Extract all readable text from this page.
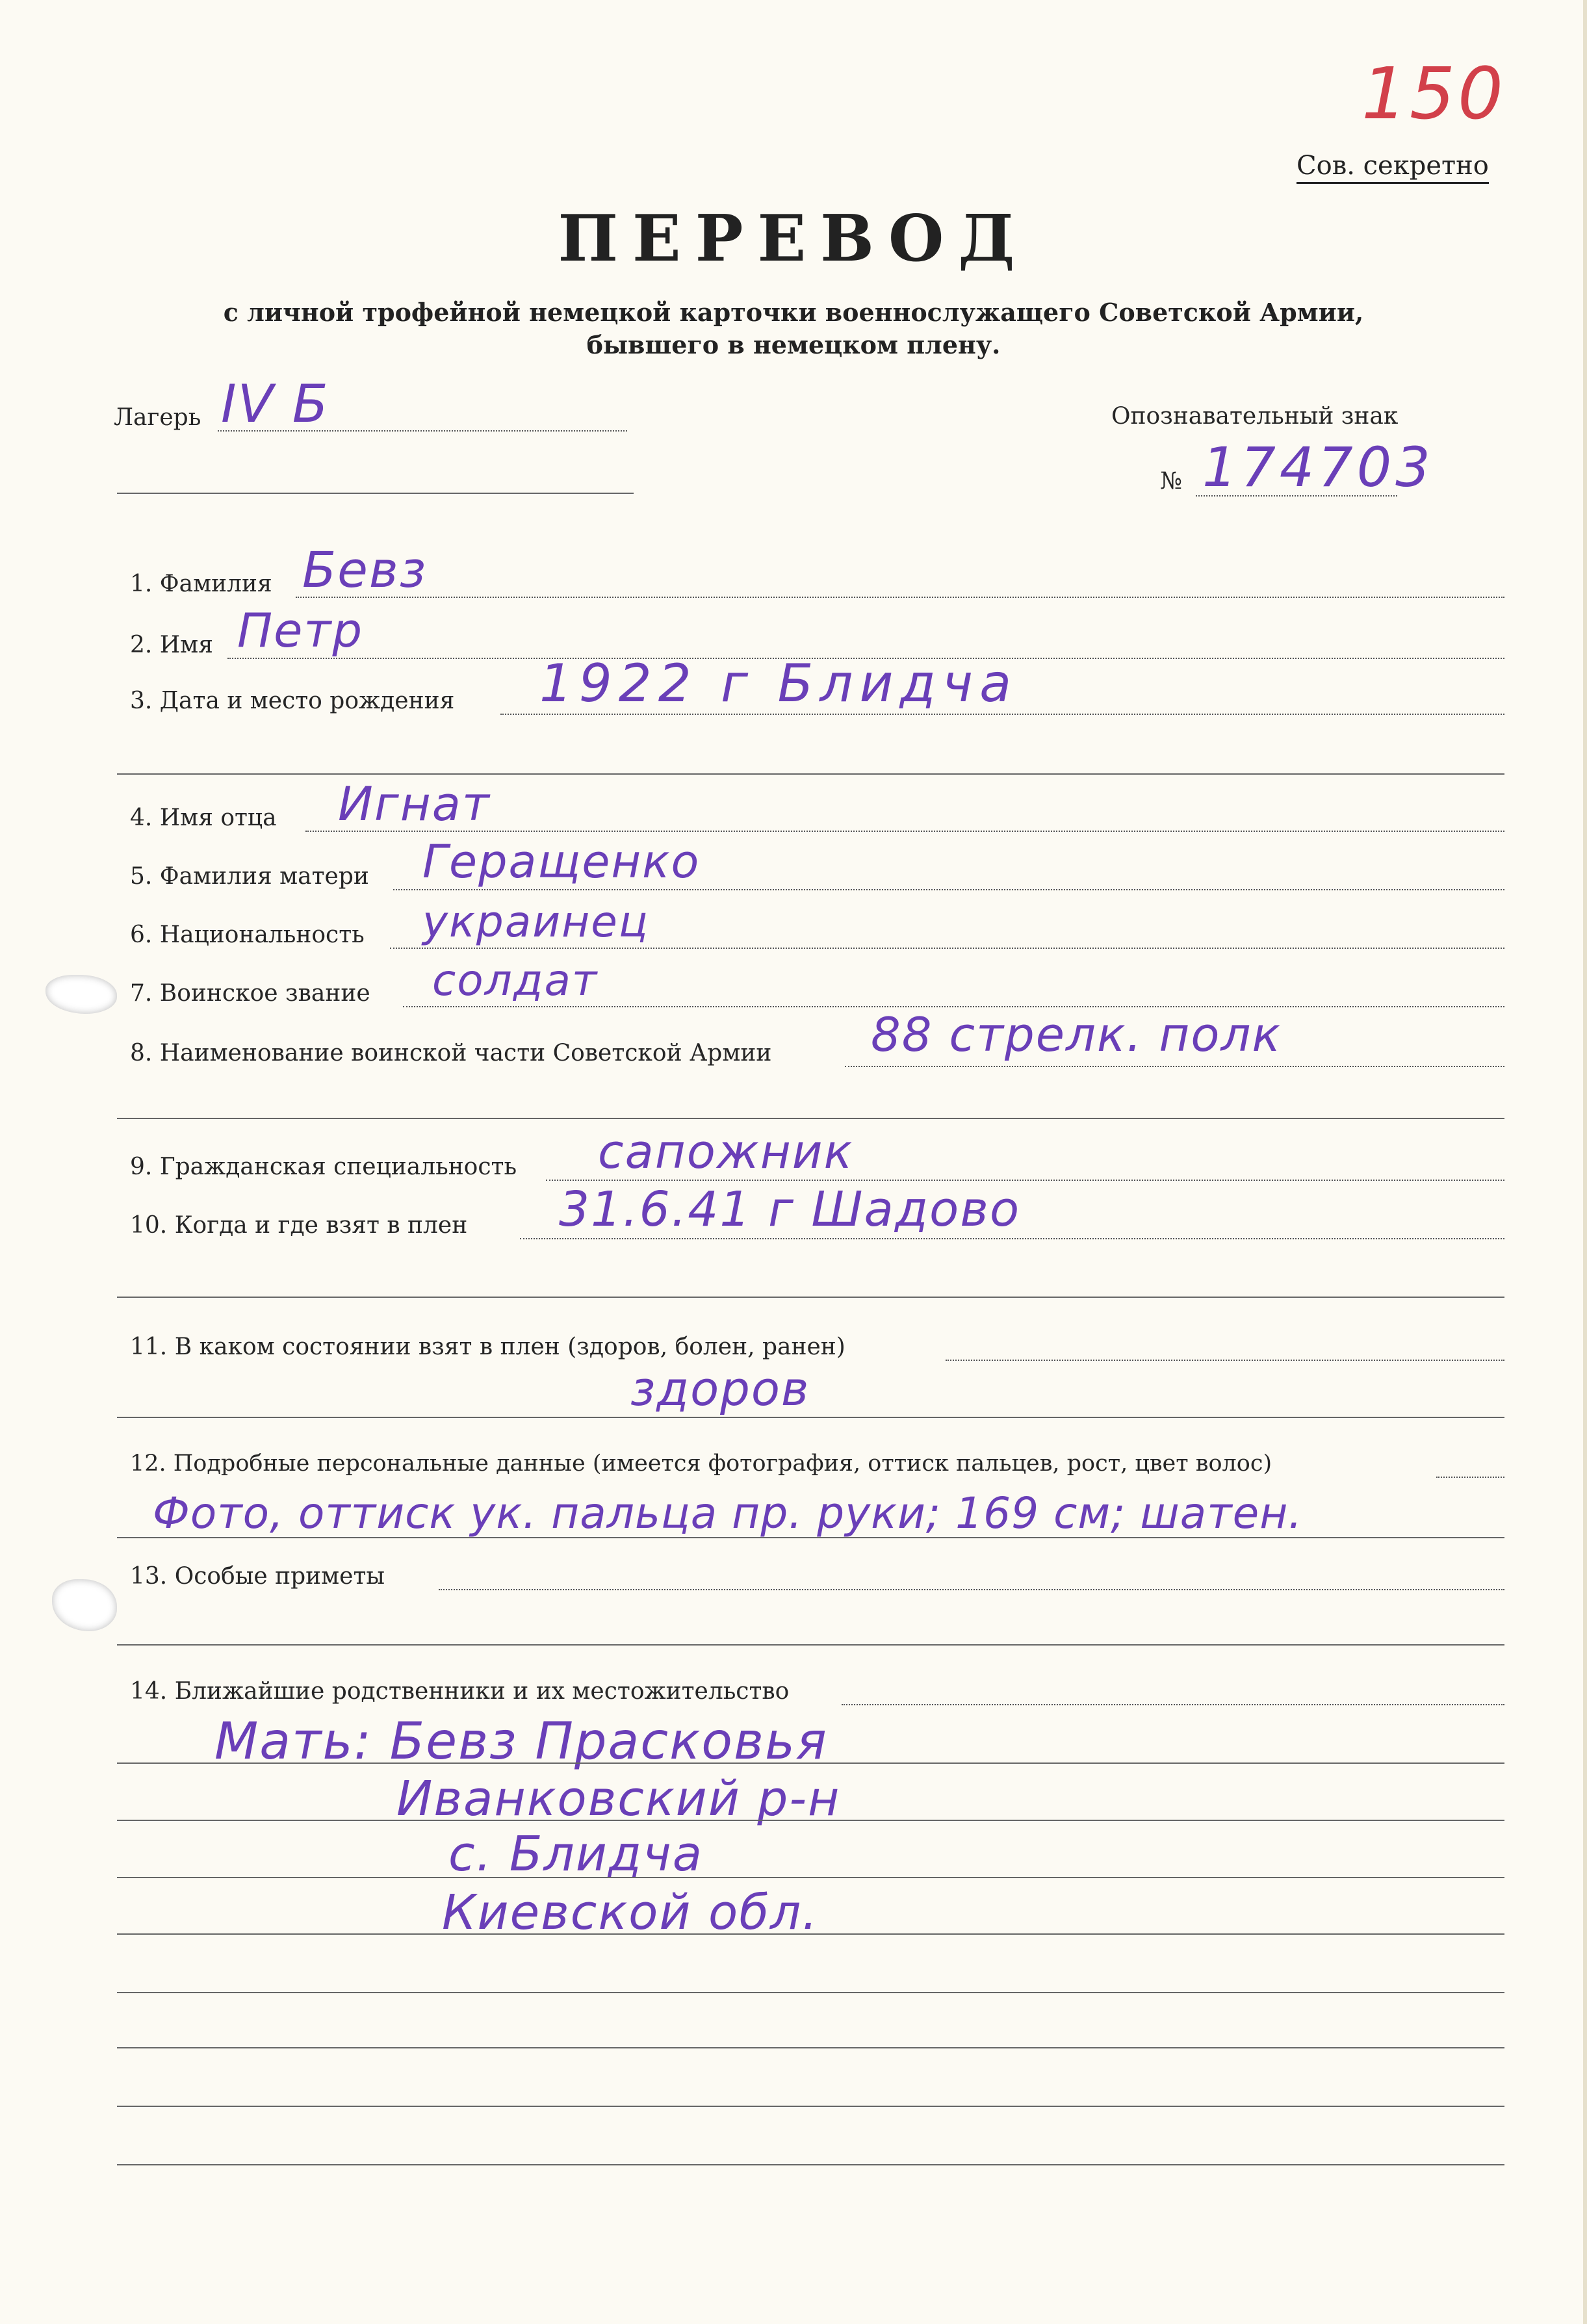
150
Сов. секретно
ПЕРЕВОД
с личной трофейной немецкой карточки военнослужащего Советской Армии,
бывшего в немецком плену.
Лагерь IV Б	Опознавательный знак
№ 174703
1. Фамилия Бевз
2. Имя Петр
3. Дата и место рождения 1922 г Блидча
4. Имя отца Игнат
5. Фамилия матери Геращенко
6. Национальность украинец
7. Воинское звание солдат
8. Наименование воинской части Советской Армии 88 стрелк. полк
9. Гражданская специальность сапожник
10. Когда и где взят в плен 31.6.41 г Шадово
11. В каком состоянии взят в плен (здоров, болен, ранен)
здоров
12. Подробные персональные данные (имеется фотография, оттиск пальцев, рост, цвет волос)
Фото, оттиск ук. пальца пр. руки; 169 см; шатен.
13. Особые приметы
14. Ближайшие родственники и их местожительство
Мать: Бевз Прасковья
Иванковский р-н
с. Блидча
Киевской обл.
